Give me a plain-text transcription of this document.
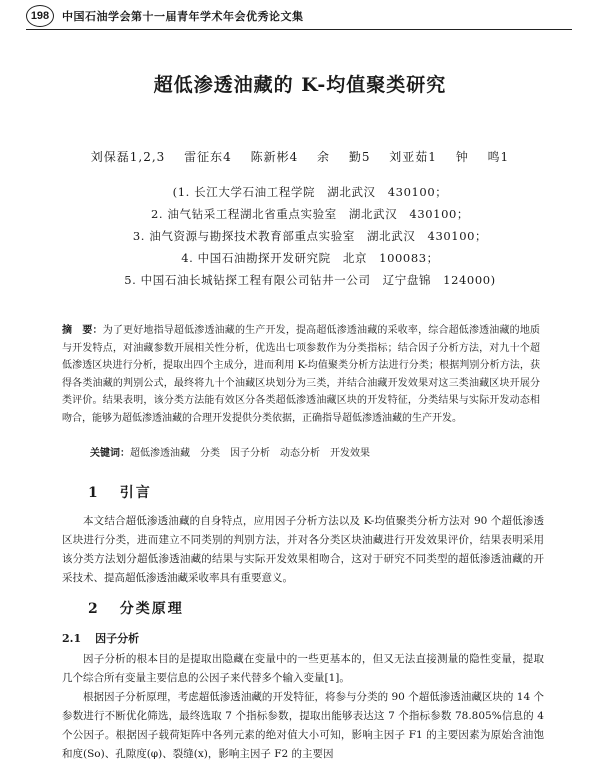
198	中国石油学会第十一届青年学术年会优秀论文集
超低渗透油藏的 K-均值聚类研究
刘保磊1,2,3 雷征东4 陈新彬4 余 勤5 刘亚茹1 钟 鸣1
(1. 长江大学石油工程学院　湖北武汉　430100；
2. 油气钻采工程湖北省重点实验室　湖北武汉　430100；
3. 油气资源与勘探技术教育部重点实验室　湖北武汉　430100；
4. 中国石油勘探开发研究院　北京　100083；
5. 中国石油长城钻探工程有限公司钻井一公司　辽宁盘锦　124000)
摘　要：为了更好地指导超低渗透油藏的生产开发，提高超低渗透油藏的采收率，综合超低渗透油藏的地质与开发特点，对油藏参数开展相关性分析，优选出七项参数作为分类指标；结合因子分析方法，对九十个超低渗透区块进行分析，提取出四个主成分，进而利用 K-均值聚类分析方法进行分类；根据判别分析方法，获得各类油藏的判别公式，最终将九十个油藏区块划分为三类，并结合油藏开发效果对这三类油藏区块开展分类评价。结果表明，该分类方法能有效区分各类超低渗透油藏区块的开发特征，分类结果与实际开发动态相吻合，能够为超低渗透油藏的合理开发提供分类依据，正确指导超低渗透油藏的生产开发。
关键词：超低渗透油藏　分类　因子分析　动态分析　开发效果
1 引言

本文结合超低渗透油藏的自身特点，应用因子分析方法以及 K-均值聚类分析方法对 90 个超低渗透区块进行分类，进而建立不同类别的判别方法，并对各分类区块油藏进行开发效果评价，结果表明采用该分类方法划分超低渗透油藏的结果与实际开发效果相吻合，这对于研究不同类型的超低渗透油藏的开采技术、提高超低渗透油藏采收率具有重要意义。

2 分类原理
2.1 因子分析

因子分析的根本目的是提取出隐藏在变量中的一些更基本的，但又无法直接测量的隐性变量，提取几个综合所有变量主要信息的公因子来代替多个输入变量[1]。

根据因子分析原理，考虑超低渗透油藏的开发特征，将参与分类的 90 个超低渗透油藏区块的 14 个参数进行不断优化筛选，最终选取 7 个指标参数，提取出能够表达这 7 个指标参数 78.805%信息的 4 个公因子。根据因子载荷矩阵中各列元素的绝对值大小可知，影响主因子 F1 的主要因素为原始含油饱和度(So)、孔隙度(φ)、裂缝(x)，影响主因子 F2 的主要因
